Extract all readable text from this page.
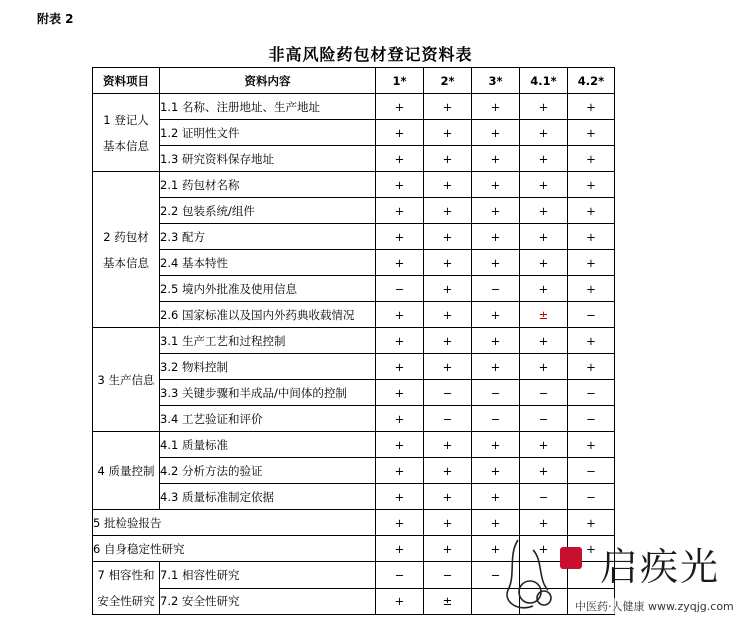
附表 2
非高风险药包材登记资料表
资料项目	资料内容	1*	2*	3*	4.1*	4.2*
1 登记人
基本信息	1.1 名称、注册地址、生产地址	+	+	+	+	+
	1.2 证明性文件	+	+	+	+	+
	1.3 研究资料保存地址	+	+	+	+	+
2 药包材
基本信息	2.1 药包材名称	+	+	+	+	+
	2.2 包装系统/组件	+	+	+	+	+
	2.3 配方	+	+	+	+	+
	2.4 基本特性	+	+	+	+	+
	2.5 境内外批准及使用信息	−	+	−	+	+
	2.6 国家标准以及国内外药典收载情况	+	+	+	±	−
3 生产信息	3.1 生产工艺和过程控制	+	+	+	+	+
	3.2 物料控制	+	+	+	+	+
	3.3 关键步骤和半成品/中间体的控制	+	−	−	−	−
	3.4 工艺验证和评价	+	−	−	−	−
4 质量控制	4.1 质量标准	+	+	+	+	+
	4.2 分析方法的验证	+	+	+	+	−
	4.3 质量标准制定依据	+	+	+	−	−
5 批检验报告		+	+	+	+	+
6 自身稳定性研究		+	+	+	+	+
7 相容性和
安全性研究	7.1 相容性研究	−	−	−		
	7.2 安全性研究	+	±			
启疾光
中医药·人健康 www.zyqjg.com
